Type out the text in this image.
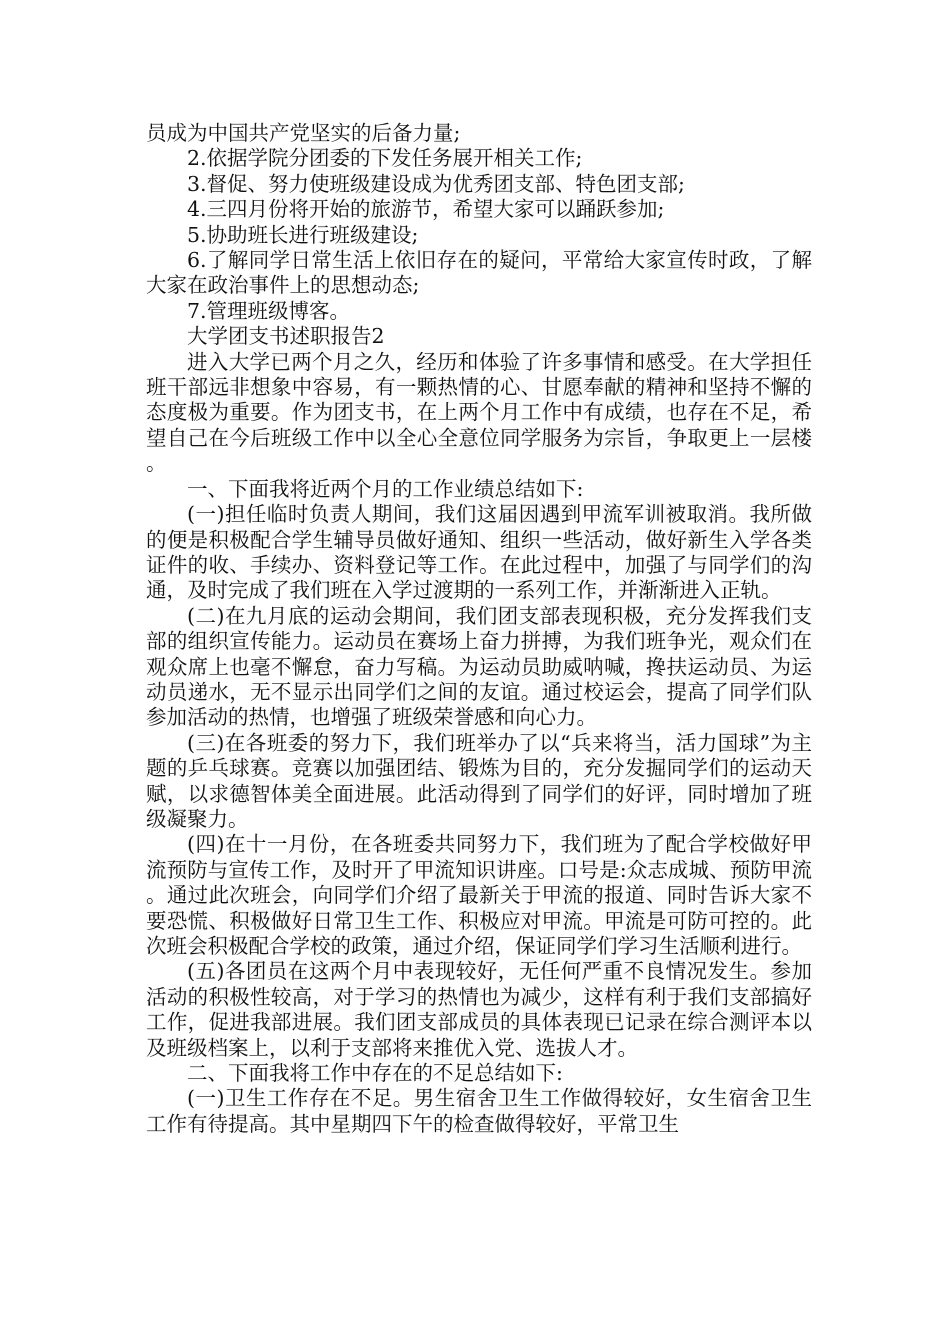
员成为中国共产党坚实的后备力量;

2.依据学院分团委的下发任务展开相关工作;

3.督促、努力使班级建设成为优秀团支部、特色团支部;

4.三四月份将开始的旅游节，希望大家可以踊跃参加;

5.协助班长进行班级建设;

6.了解同学日常生活上依旧存在的疑问，平常给大家宣传时政，了解大家在政治事件上的思想动态;

7.管理班级博客。

大学团支书述职报告2

进入大学已两个月之久，经历和体验了许多事情和感受。在大学担任班干部远非想象中容易，有一颗热情的心、甘愿奉献的精神和坚持不懈的态度极为重要。作为团支书，在上两个月工作中有成绩，也存在不足，希望自己在今后班级工作中以全心全意位同学服务为宗旨，争取更上一层楼。

一、下面我将近两个月的工作业绩总结如下:

(一)担任临时负责人期间，我们这届因遇到甲流军训被取消。我所做的便是积极配合学生辅导员做好通知、组织一些活动，做好新生入学各类证件的收、手续办、资料登记等工作。在此过程中，加强了与同学们的沟通，及时完成了我们班在入学过渡期的一系列工作，并渐渐进入正轨。

(二)在九月底的运动会期间，我们团支部表现积极，充分发挥我们支部的组织宣传能力。运动员在赛场上奋力拼搏，为我们班争光，观众们在观众席上也毫不懈怠，奋力写稿。为运动员助威呐喊，搀扶运动员、为运动员递水，无不显示出同学们之间的友谊。通过校运会，提高了同学们队参加活动的热情，也增强了班级荣誉感和向心力。

(三)在各班委的努力下，我们班举办了以“兵来将当，活力国球”为主题的乒乓球赛。竞赛以加强团结、锻炼为目的，充分发掘同学们的运动天赋，以求德智体美全面进展。此活动得到了同学们的好评，同时增加了班级凝聚力。

(四)在十一月份，在各班委共同努力下，我们班为了配合学校做好甲流预防与宣传工作，及时开了甲流知识讲座。口号是:众志成城、预防甲流。通过此次班会，向同学们介绍了最新关于甲流的报道、同时告诉大家不要恐慌、积极做好日常卫生工作、积极应对甲流。甲流是可防可控的。此次班会积极配合学校的政策，通过介绍，保证同学们学习生活顺利进行。

(五)各团员在这两个月中表现较好，无任何严重不良情况发生。参加活动的积极性较高，对于学习的热情也为减少，这样有利于我们支部搞好工作，促进我部进展。我们团支部成员的具体表现已记录在综合测评本以及班级档案上，以利于支部将来推优入党、选拔人才。

二、下面我将工作中存在的不足总结如下:

(一)卫生工作存在不足。男生宿舍卫生工作做得较好，女生宿舍卫生工作有待提高。其中星期四下午的检查做得较好，平常卫生
